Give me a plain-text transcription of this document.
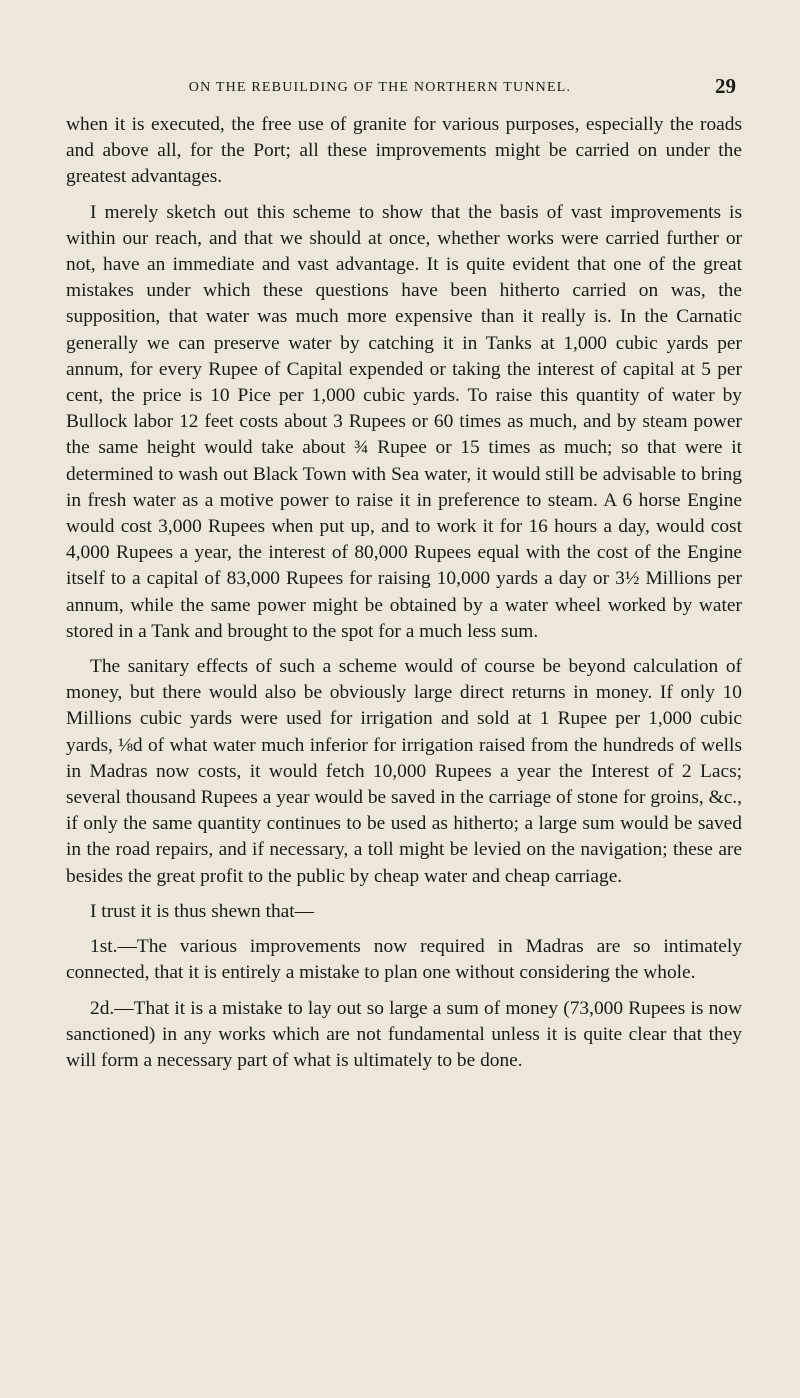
ON THE REBUILDING OF THE NORTHERN TUNNEL.	29

when it is executed, the free use of granite for various purposes, especially the roads and above all, for the Port; all these improvements might be carried on under the greatest advantages.

I merely sketch out this scheme to show that the basis of vast improvements is within our reach, and that we should at once, whether works were carried further or not, have an immediate and vast advantage. It is quite evident that one of the great mistakes under which these questions have been hitherto carried on was, the supposition, that water was much more expensive than it really is. In the Carnatic generally we can preserve water by catching it in Tanks at 1,000 cubic yards per annum, for every Rupee of Capital expended or taking the interest of capital at 5 per cent, the price is 10 Pice per 1,000 cubic yards. To raise this quantity of water by Bullock labor 12 feet costs about 3 Rupees or 60 times as much, and by steam power the same height would take about ¾ Rupee or 15 times as much; so that were it determined to wash out Black Town with Sea water, it would still be advisable to bring in fresh water as a motive power to raise it in preference to steam. A 6 horse Engine would cost 3,000 Rupees when put up, and to work it for 16 hours a day, would cost 4,000 Rupees a year, the interest of 80,000 Rupees equal with the cost of the Engine itself to a capital of 83,000 Rupees for raising 10,000 yards a day or 3½ Millions per annum, while the same power might be obtained by a water wheel worked by water stored in a Tank and brought to the spot for a much less sum.

The sanitary effects of such a scheme would of course be beyond calculation of money, but there would also be obviously large direct returns in money. If only 10 Millions cubic yards were used for irrigation and sold at 1 Rupee per 1,000 cubic yards, ⅛d of what water much inferior for irrigation raised from the hundreds of wells in Madras now costs, it would fetch 10,000 Rupees a year the Interest of 2 Lacs; several thousand Rupees a year would be saved in the carriage of stone for groins, &c., if only the same quantity continues to be used as hitherto; a large sum would be saved in the road repairs, and if necessary, a toll might be levied on the navigation; these are besides the great profit to the public by cheap water and cheap carriage.

I trust it is thus shewn that—

1st.—The various improvements now required in Madras are so intimately connected, that it is entirely a mistake to plan one without considering the whole.

2d.—That it is a mistake to lay out so large a sum of money (73,000 Rupees is now sanctioned) in any works which are not fundamental unless it is quite clear that they will form a necessary part of what is ultimately to be done.
